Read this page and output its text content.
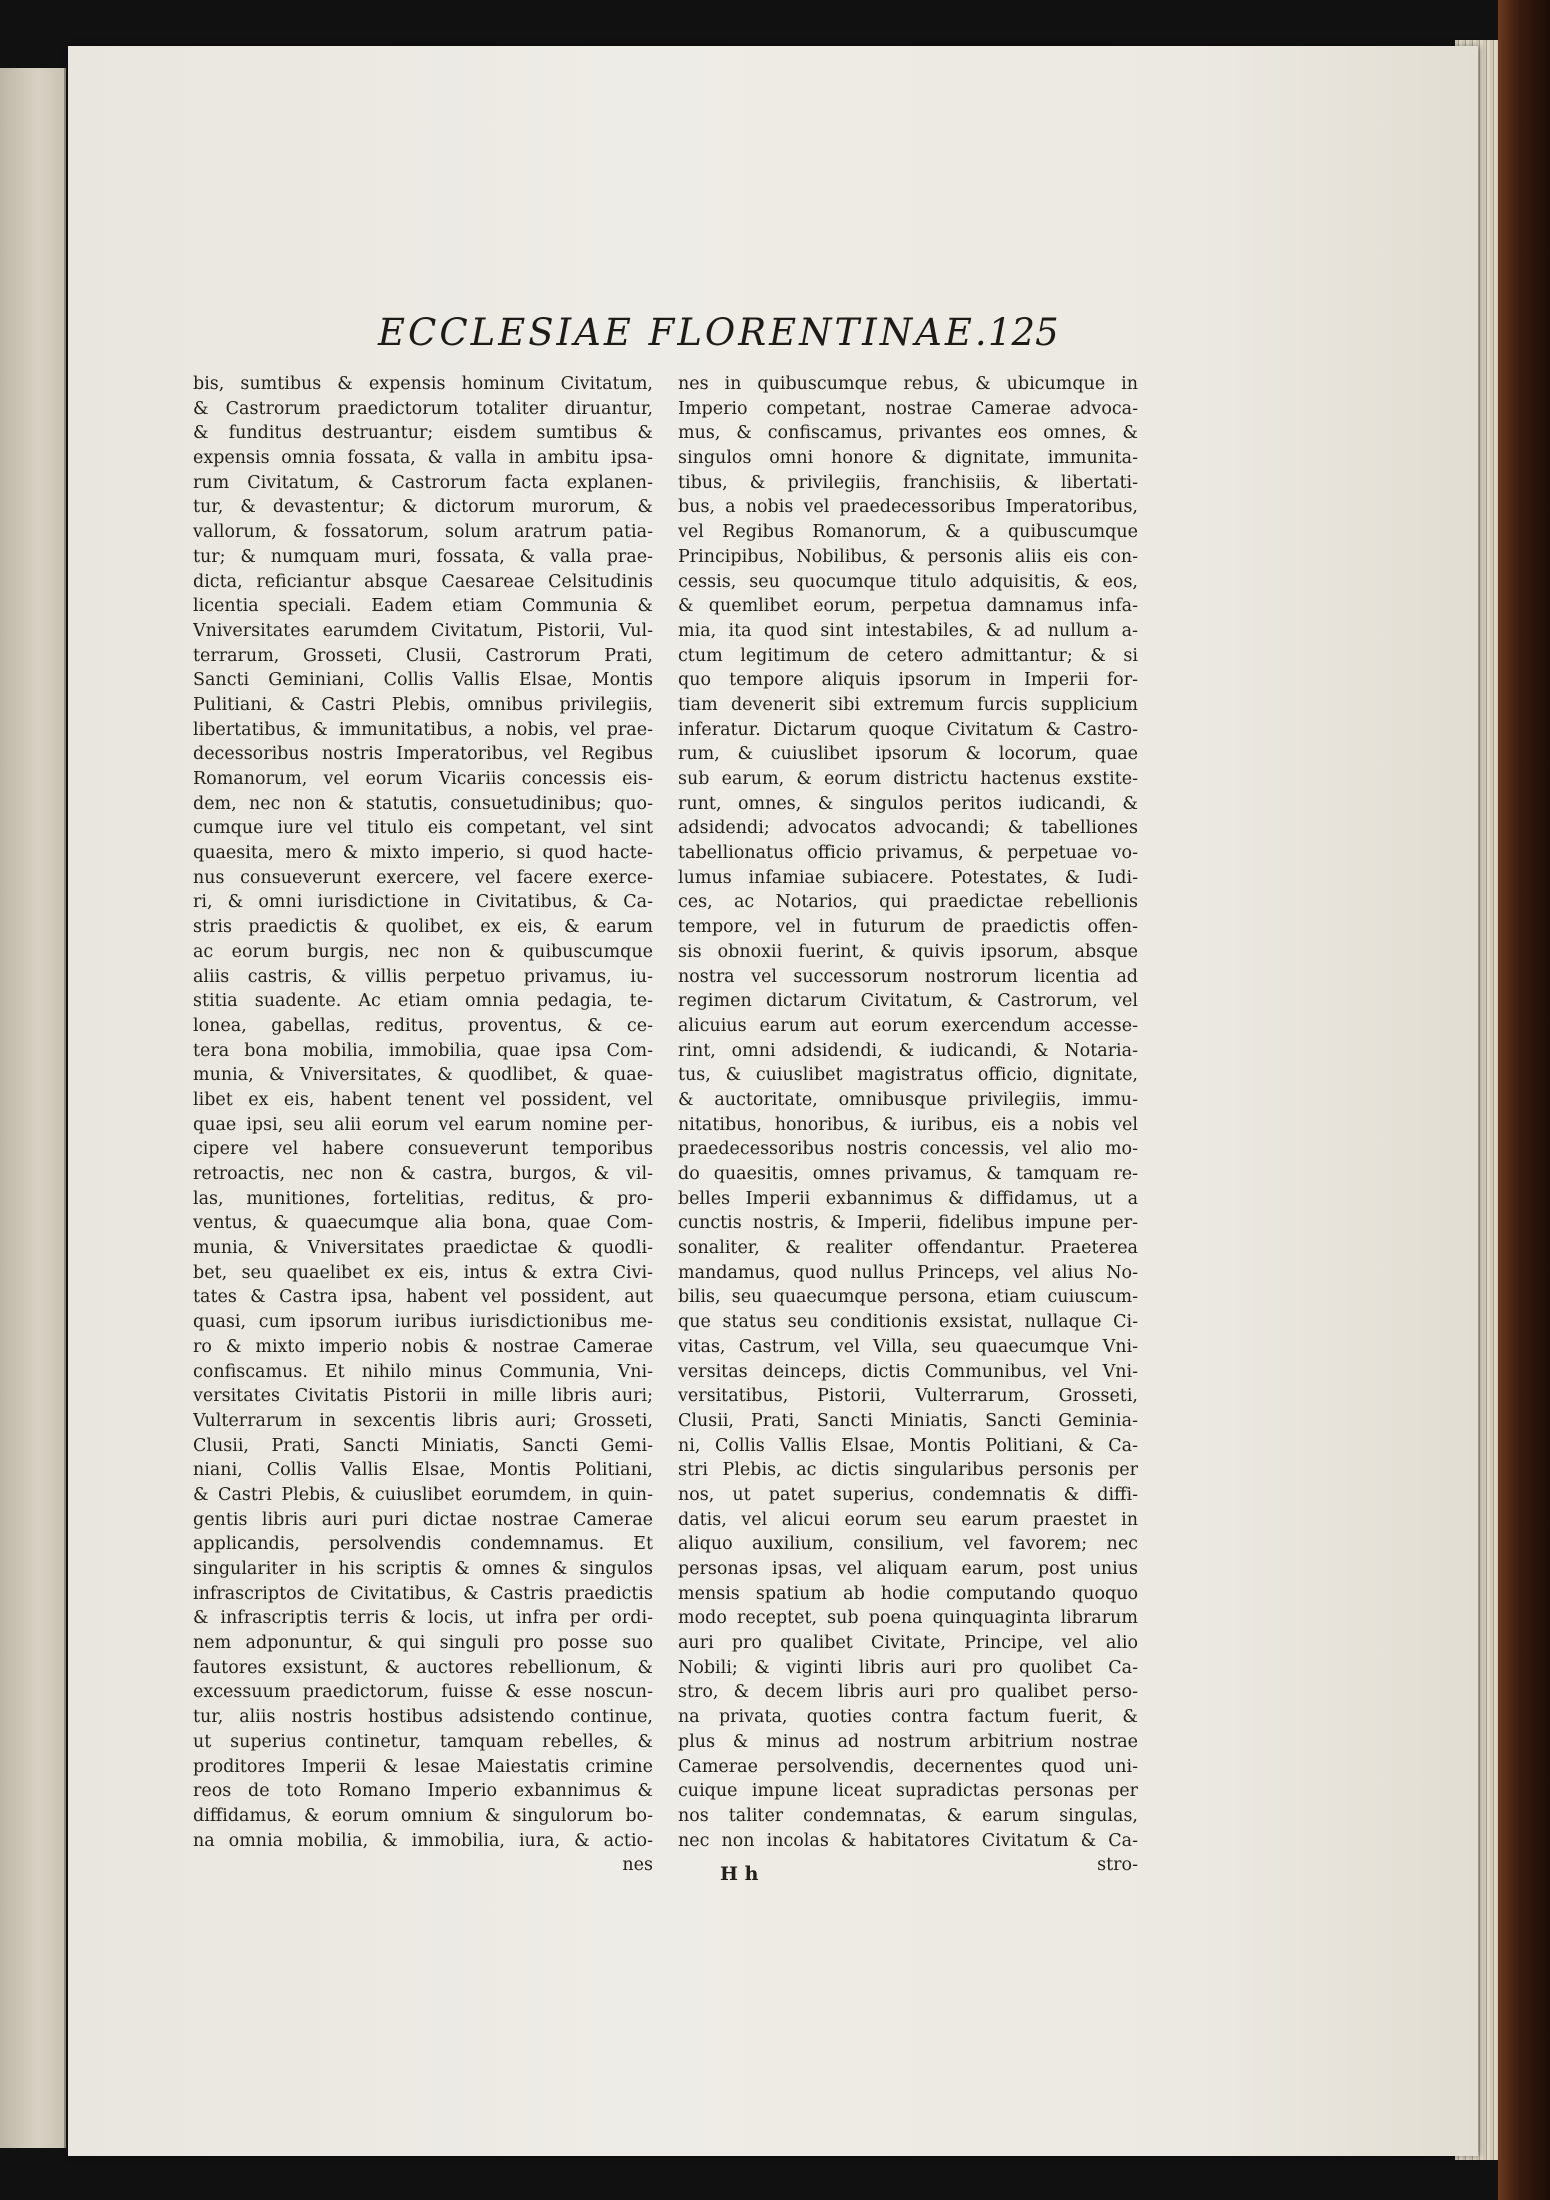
ECCLESIAE FLORENTINAE.
125
bis, sumtibus & expensis hominum Civitatum,
& Castrorum praedictorum totaliter diruantur,
& funditus destruantur; eisdem sumtibus &
expensis omnia fossata, & valla in ambitu ipsa-
rum Civitatum, & Castrorum facta explanen-
tur, & devastentur; & dictorum murorum, &
vallorum, & fossatorum, solum aratrum patia-
tur; & numquam muri, fossata, & valla prae-
dicta, reficiantur absque Caesareae Celsitudinis
licentia speciali. Eadem etiam Communia &
Vniversitates earumdem Civitatum, Pistorii, Vul-
terrarum, Grosseti, Clusii, Castrorum Prati,
Sancti Geminiani, Collis Vallis Elsae, Montis
Pulitiani, & Castri Plebis, omnibus privilegiis,
libertatibus, & immunitatibus, a nobis, vel prae-
decessoribus nostris Imperatoribus, vel Regibus
Romanorum, vel eorum Vicariis concessis eis-
dem, nec non & statutis, consuetudinibus; quo-
cumque iure vel titulo eis competant, vel sint
quaesita, mero & mixto imperio, si quod hacte-
nus consueverunt exercere, vel facere exerce-
ri, & omni iurisdictione in Civitatibus, & Ca-
stris praedictis & quolibet, ex eis, & earum
ac eorum burgis, nec non & quibuscumque
aliis castris, & villis perpetuo privamus, iu-
stitia suadente. Ac etiam omnia pedagia, te-
lonea, gabellas, reditus, proventus, & ce-
tera bona mobilia, immobilia, quae ipsa Com-
munia, & Vniversitates, & quodlibet, & quae-
libet ex eis, habent tenent vel possident, vel
quae ipsi, seu alii eorum vel earum nomine per-
cipere vel habere consueverunt temporibus
retroactis, nec non & castra, burgos, & vil-
las, munitiones, fortelitias, reditus, & pro-
ventus, & quaecumque alia bona, quae Com-
munia, & Vniversitates praedictae & quodli-
bet, seu quaelibet ex eis, intus & extra Civi-
tates & Castra ipsa, habent vel possident, aut
quasi, cum ipsorum iuribus iurisdictionibus me-
ro & mixto imperio nobis & nostrae Camerae
confiscamus. Et nihilo minus Communia, Vni-
versitates Civitatis Pistorii in mille libris auri;
Vulterrarum in sexcentis libris auri; Grosseti,
Clusii, Prati, Sancti Miniatis, Sancti Gemi-
niani, Collis Vallis Elsae, Montis Politiani,
& Castri Plebis, & cuiuslibet eorumdem, in quin-
gentis libris auri puri dictae nostrae Camerae
applicandis, persolvendis condemnamus. Et
singulariter in his scriptis & omnes & singulos
infrascriptos de Civitatibus, & Castris praedictis
& infrascriptis terris & locis, ut infra per ordi-
nem adponuntur, & qui singuli pro posse suo
fautores exsistunt, & auctores rebellionum, &
excessuum praedictorum, fuisse & esse noscun-
tur, aliis nostris hostibus adsistendo continue,
ut superius continetur, tamquam rebelles, &
proditores Imperii & lesae Maiestatis crimine
reos de toto Romano Imperio exbannimus &
diffidamus, & eorum omnium & singulorum bo-
na omnia mobilia, & immobilia, iura, & actio-
nes
nes in quibuscumque rebus, & ubicumque in
Imperio competant, nostrae Camerae advoca-
mus, & confiscamus, privantes eos omnes, &
singulos omni honore & dignitate, immunita-
tibus, & privilegiis, franchisiis, & libertati-
bus, a nobis vel praedecessoribus Imperatoribus,
vel Regibus Romanorum, & a quibuscumque
Principibus, Nobilibus, & personis aliis eis con-
cessis, seu quocumque titulo adquisitis, & eos,
& quemlibet eorum, perpetua damnamus infa-
mia, ita quod sint intestabiles, & ad nullum a-
ctum legitimum de cetero admittantur; & si
quo tempore aliquis ipsorum in Imperii for-
tiam devenerit sibi extremum furcis supplicium
inferatur. Dictarum quoque Civitatum & Castro-
rum, & cuiuslibet ipsorum & locorum, quae
sub earum, & eorum districtu hactenus exstite-
runt, omnes, & singulos peritos iudicandi, &
adsidendi; advocatos advocandi; & tabelliones
tabellionatus officio privamus, & perpetuae vo-
lumus infamiae subiacere. Potestates, & Iudi-
ces, ac Notarios, qui praedictae rebellionis
tempore, vel in futurum de praedictis offen-
sis obnoxii fuerint, & quivis ipsorum, absque
nostra vel successorum nostrorum licentia ad
regimen dictarum Civitatum, & Castrorum, vel
alicuius earum aut eorum exercendum accesse-
rint, omni adsidendi, & iudicandi, & Notaria-
tus, & cuiuslibet magistratus officio, dignitate,
& auctoritate, omnibusque privilegiis, immu-
nitatibus, honoribus, & iuribus, eis a nobis vel
praedecessoribus nostris concessis, vel alio mo-
do quaesitis, omnes privamus, & tamquam re-
belles Imperii exbannimus & diffidamus, ut a
cunctis nostris, & Imperii, fidelibus impune per-
sonaliter, & realiter offendantur. Praeterea
mandamus, quod nullus Princeps, vel alius No-
bilis, seu quaecumque persona, etiam cuiuscum-
que status seu conditionis exsistat, nullaque Ci-
vitas, Castrum, vel Villa, seu quaecumque Vni-
versitas deinceps, dictis Communibus, vel Vni-
versitatibus, Pistorii, Vulterrarum, Grosseti,
Clusii, Prati, Sancti Miniatis, Sancti Geminia-
ni, Collis Vallis Elsae, Montis Politiani, & Ca-
stri Plebis, ac dictis singularibus personis per
nos, ut patet superius, condemnatis & diffi-
datis, vel alicui eorum seu earum praestet in
aliquo auxilium, consilium, vel favorem; nec
personas ipsas, vel aliquam earum, post unius
mensis spatium ab hodie computando quoquo
modo receptet, sub poena quinquaginta librarum
auri pro qualibet Civitate, Principe, vel alio
Nobili; & viginti libris auri pro quolibet Ca-
stro, & decem libris auri pro qualibet perso-
na privata, quoties contra factum fuerit, &
plus & minus ad nostrum arbitrium nostrae
Camerae persolvendis, decernentes quod uni-
cuique impune liceat supradictas personas per
nos taliter condemnatas, & earum singulas,
nec non incolas & habitatores Civitatum & Ca-
stro-
H h
